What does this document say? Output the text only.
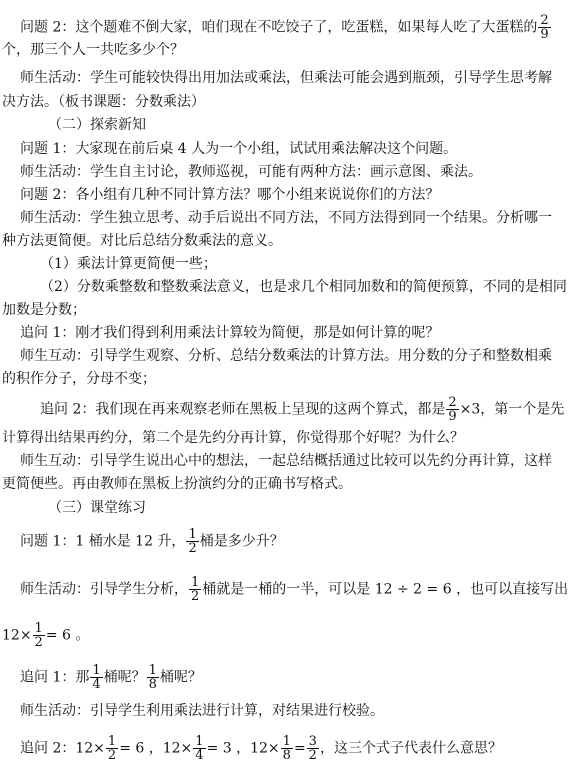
问题 2：这个题难不倒大家，咱们现在不吃饺子了，吃蛋糕，如果每人吃了大蛋糕的 $\frac{2}{9}$
个，那三个人一共吃多少个？
师生活动：学生可能较快得出用加法或乘法，但乘法可能会遇到瓶颈，引导学生思考解
决方法。（板书课题：分数乘法）
（二）探索新知
问题 1：大家现在前后桌 4 人为一个小组，试试用乘法解决这个问题。
师生活动：学生自主讨论，教师巡视，可能有两种方法：画示意图、乘法。
问题 2：各小组有几种不同计算方法？哪个小组来说说你们的方法？
师生活动：学生独立思考、动手后说出不同方法，不同方法得到同一个结果。分析哪一
种方法更简便。对比后总结分数乘法的意义。
（1）乘法计算更简便一些；
（2）分数乘整数和整数乘法意义，也是求几个相同加数和的简便预算，不同的是相同
加数是分数；
追问 1：刚才我们得到利用乘法计算较为简便，那是如何计算的呢？
师生互动：引导学生观察、分析、总结分数乘法的计算方法。用分数的分子和整数相乘
的积作分子，分母不变；
追问 2：我们现在再来观察老师在黑板上呈现的这两个算式，都是 $\frac{2}{9} \times 3$，第一个是先
计算得出结果再约分，第二个是先约分再计算，你觉得那个好呢？为什么？
师生互动：引导学生说出心中的想法，一起总结概括通过比较可以先约分再计算，这样
更简便些。再由教师在黑板上扮演约分的正确书写格式。
（三）课堂练习
问题 1：1 桶水是 12 升， $\frac{1}{2}$ 桶是多少升？
师生活动：引导学生分析， $\frac{1}{2}$ 桶就是一桶的一半，可以是 12 ÷ 2 = 6 ，也可以直接写出
$12\times \frac{1}{2} = 6$ 。
追问 1：那 $\frac{1}{4}$ 桶呢？ $\frac{1}{8}$ 桶呢？
师生活动：引导学生利用乘法进行计算，对结果进行校验。
追问 2：$12\times \frac{1}{2} = 6$ ，$12\times \frac{1}{4} = 3$ ，$12\times \frac{1}{8} = \frac{3}{2}$ ，这三个式子代表什么意思？
